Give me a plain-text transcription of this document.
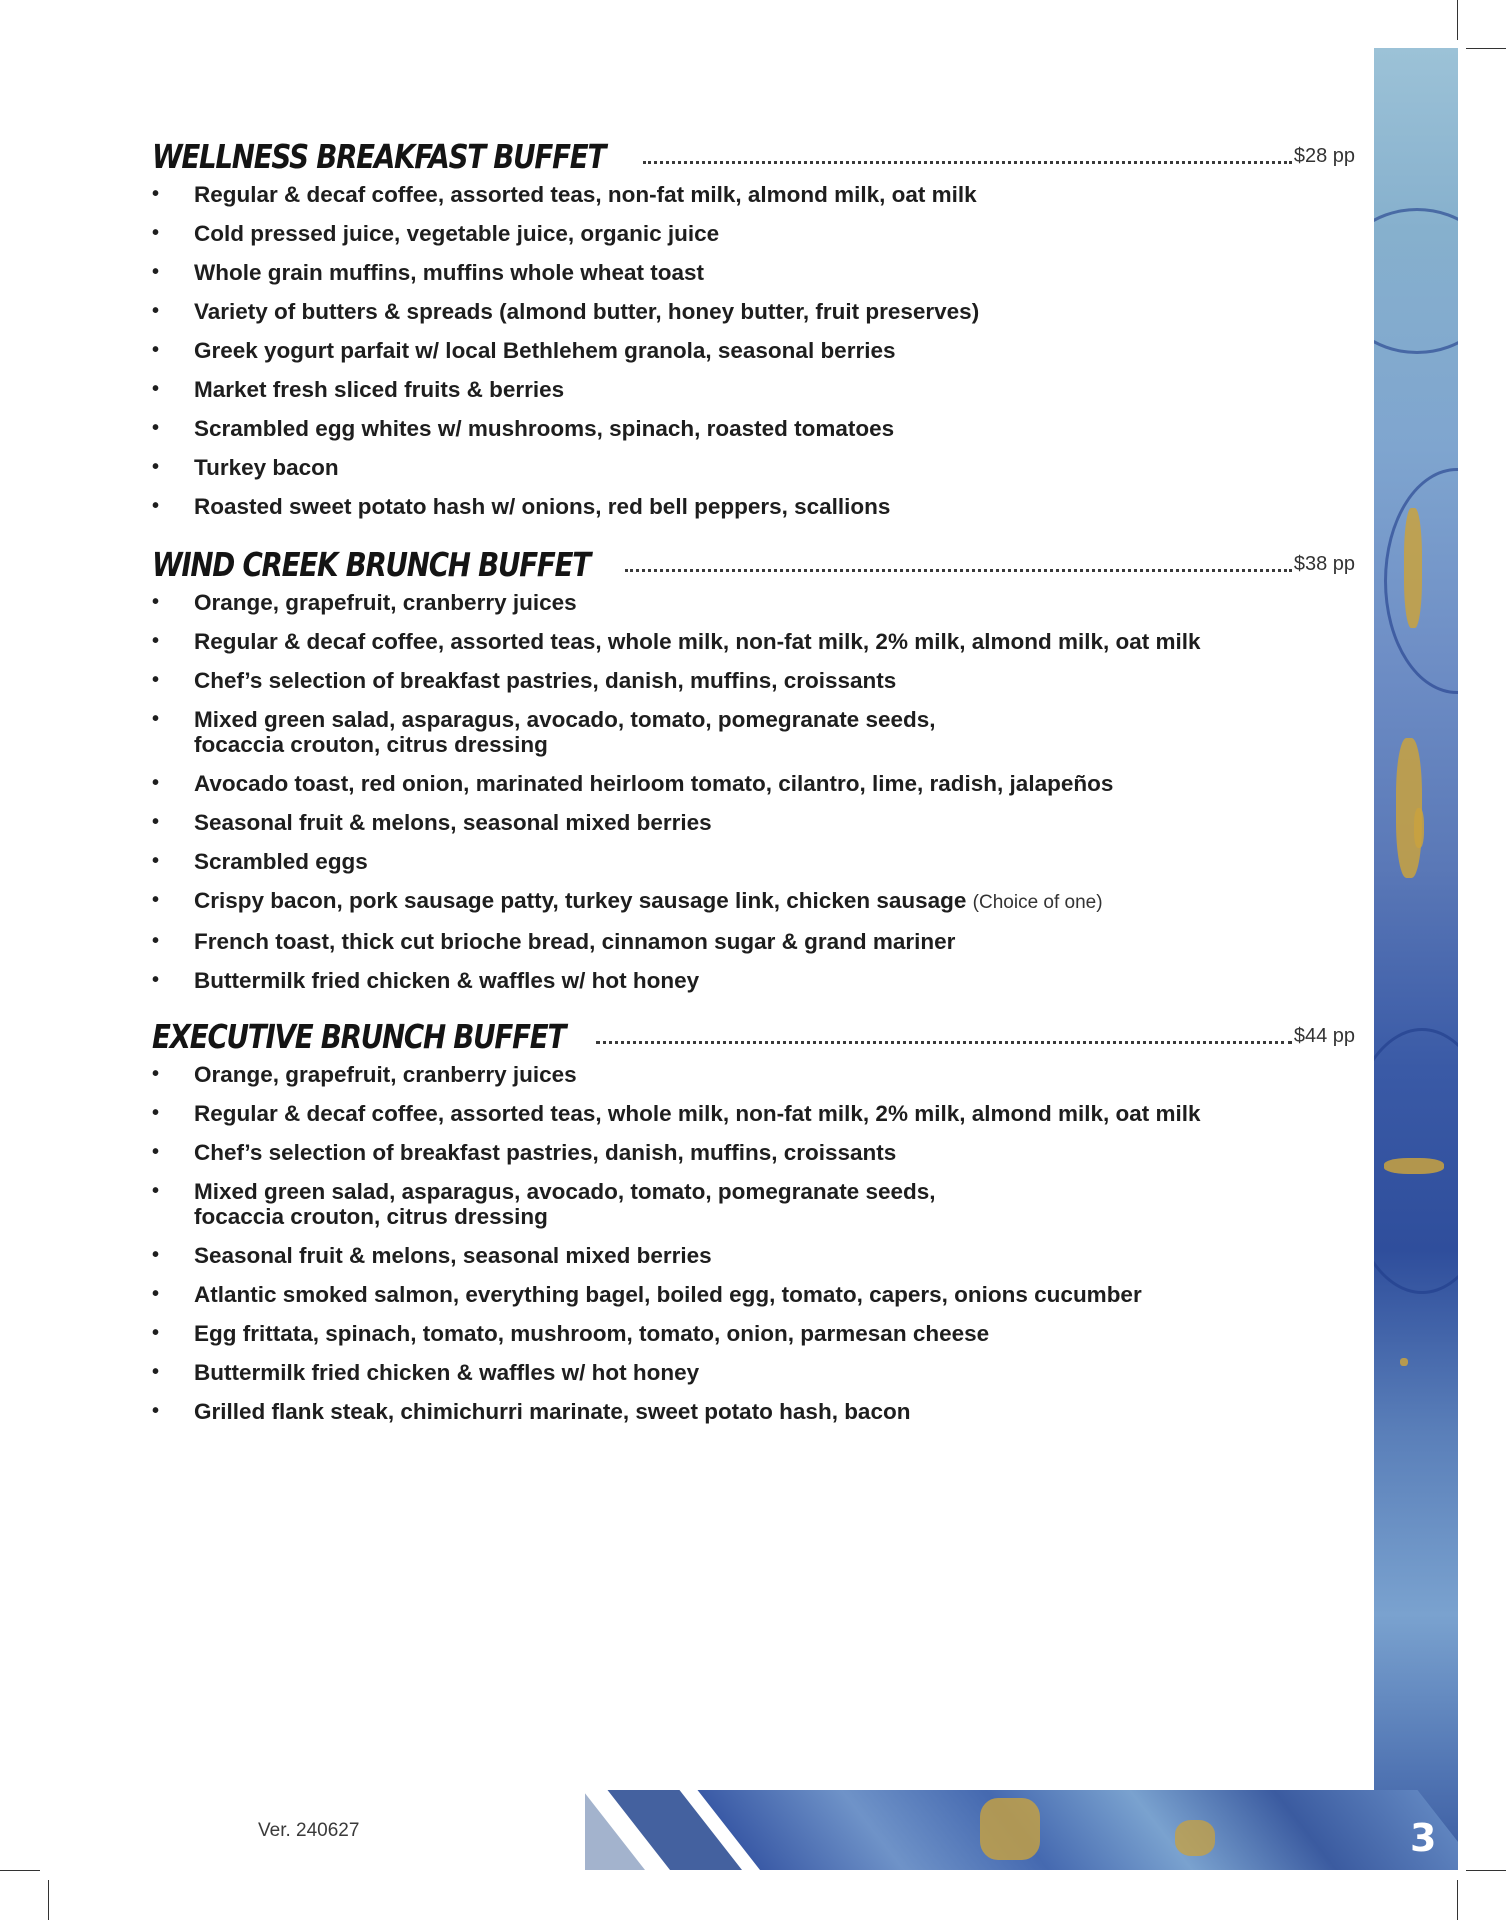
WELLNESS BREAKFAST BUFFET	$28 pp
• Regular & decaf coffee, assorted teas, non-fat milk, almond milk, oat milk
• Cold pressed juice, vegetable juice, organic juice
• Whole grain muffins, muffins whole wheat toast
• Variety of butters & spreads (almond butter, honey butter, fruit preserves)
• Greek yogurt parfait w/ local Bethlehem granola, seasonal berries
• Market fresh sliced fruits & berries
• Scrambled egg whites w/ mushrooms, spinach, roasted tomatoes
• Turkey bacon
• Roasted sweet potato hash w/ onions, red bell peppers, scallions
WIND CREEK BRUNCH BUFFET	$38 pp
• Orange, grapefruit, cranberry juices
• Regular & decaf coffee, assorted teas, whole milk, non-fat milk, 2% milk, almond milk, oat milk
• Chef’s selection of breakfast pastries, danish, muffins, croissants
• Mixed green salad, asparagus, avocado, tomato, pomegranate seeds,
focaccia crouton, citrus dressing
• Avocado toast, red onion, marinated heirloom tomato, cilantro, lime, radish, jalapeños
• Seasonal fruit & melons, seasonal mixed berries
• Scrambled eggs
• Crispy bacon, pork sausage patty, turkey sausage link, chicken sausage (Choice of one)
• French toast, thick cut brioche bread, cinnamon sugar & grand mariner
• Buttermilk fried chicken & waffles w/ hot honey
EXECUTIVE BRUNCH BUFFET	$44 pp
• Orange, grapefruit, cranberry juices
• Regular & decaf coffee, assorted teas, whole milk, non-fat milk, 2% milk, almond milk, oat milk
• Chef’s selection of breakfast pastries, danish, muffins, croissants
• Mixed green salad, asparagus, avocado, tomato, pomegranate seeds,
focaccia crouton, citrus dressing
• Seasonal fruit & melons, seasonal mixed berries
• Atlantic smoked salmon, everything bagel, boiled egg, tomato, capers, onions cucumber
• Egg frittata, spinach, tomato, mushroom, tomato, onion, parmesan cheese
• Buttermilk fried chicken & waffles w/ hot honey
• Grilled flank steak, chimichurri marinate, sweet potato hash, bacon
Ver. 240627	3
